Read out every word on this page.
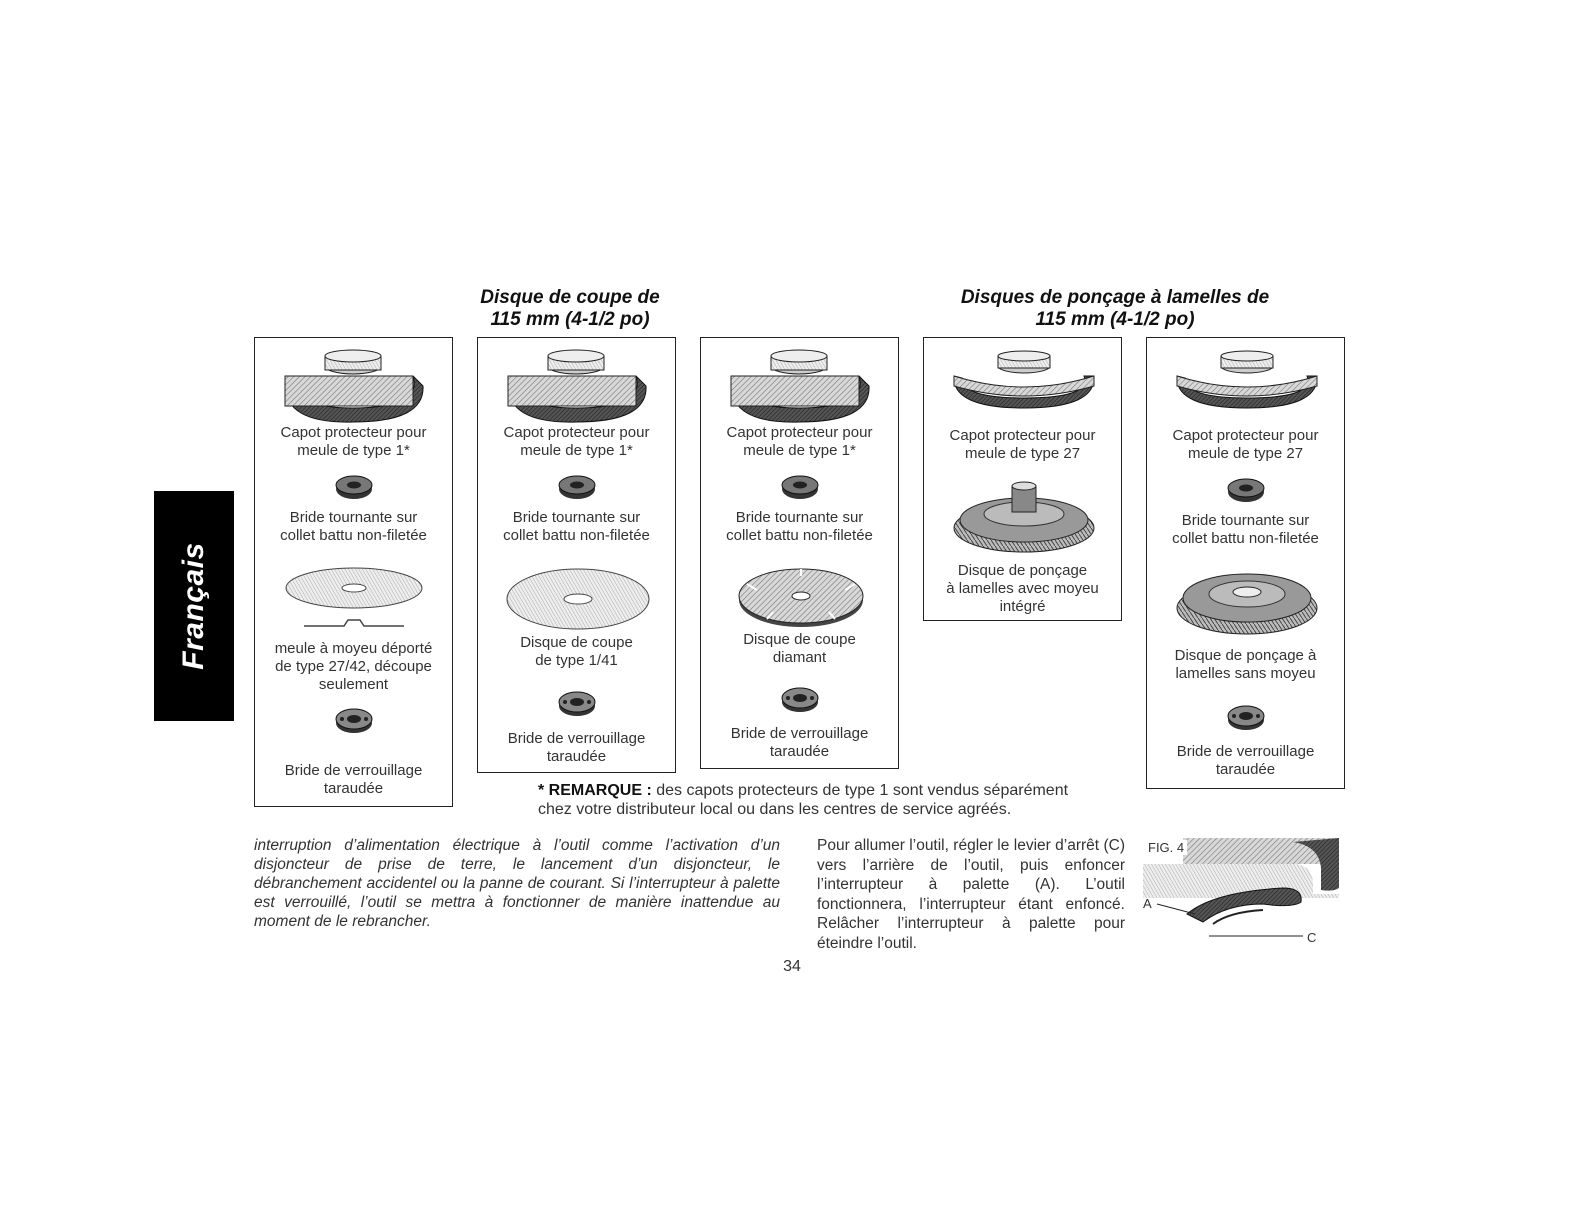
Français
Disque de coupe de
115 mm (4-1/2 po)
Disques de ponçage à lamelles de
115 mm (4-1/2 po)
Capot protecteur pour
meule de type 1*
Bride tournante sur
collet battu non-filetée
meule à moyeu déporté
de type 27/42, découpe
seulement
Bride de verrouillage
taraudée
Capot protecteur pour
meule de type 1*
Bride tournante sur
collet battu non-filetée
Disque de coupe
de type 1/41
Bride de verrouillage
taraudée
Capot protecteur pour
meule de type 1*
Bride tournante sur
collet battu non-filetée
Disque de coupe
diamant
Bride de verrouillage
taraudée
Capot protecteur pour
meule de type 27
Disque de ponçage
à lamelles avec moyeu
intégré
Capot protecteur pour
meule de type 27
Bride tournante sur
collet battu non-filetée
Disque de ponçage à
lamelles sans moyeu
Bride de verrouillage
taraudée
* REMARQUE : des capots protecteurs de type 1 sont vendus séparément
chez votre distributeur local ou dans les centres de service agréés.
interruption d’alimentation électrique à l’outil comme l’activation d’un disjoncteur de prise de terre, le lancement d’un disjoncteur, le débranchement accidentel ou la panne de courant. Si l’interrupteur à palette est verrouillé, l’outil se mettra à fonctionner de manière inattendue au moment de le rebrancher.
Pour allumer l’outil, régler le levier d’arrêt (C) vers l’arrière de l’outil, puis enfoncer l’interrupteur à palette (A). L’outil fonctionnera, l’interrupteur étant enfoncé. Relâcher l’interrupteur à palette pour éteindre l’outil.
FIG. 4
A
C
34
